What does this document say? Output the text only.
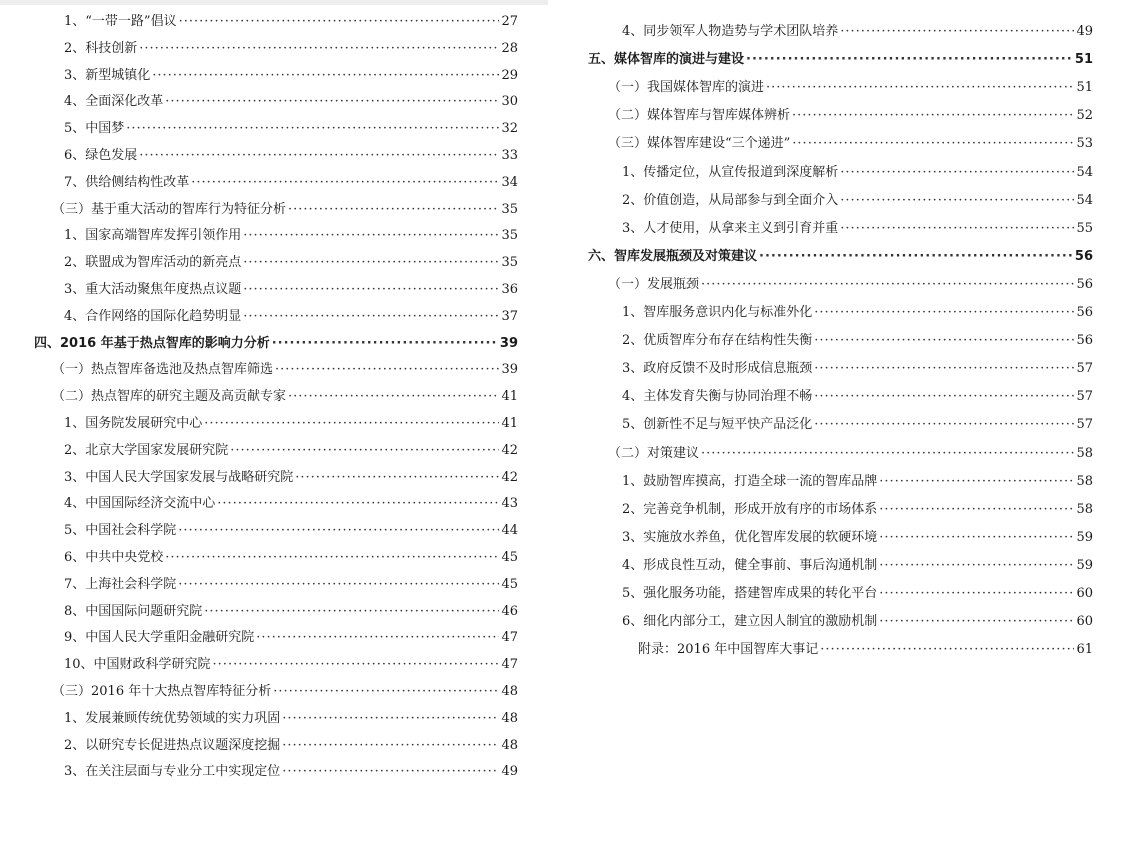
1、“一带一路”倡议 ·····	27
2、科技创新 ·····	28
3、新型城镇化 ·····	29
4、全面深化改革 ·····	30
5、中国梦 ·····	32
6、绿色发展 ·····	33
7、供给侧结构性改革 ·····	34
（三）基于重大活动的智库行为特征分析 ·····	35
1、国家高端智库发挥引领作用 ·····	35
2、联盟成为智库活动的新亮点 ·····	35
3、重大活动聚焦年度热点议题 ·····	36
4、合作网络的国际化趋势明显 ·····	37
四、2016 年基于热点智库的影响力分析 ·····	39
（一）热点智库备选池及热点智库筛选 ·····	39
（二）热点智库的研究主题及高贡献专家 ·····	41
1、国务院发展研究中心 ·····	41
2、北京大学国家发展研究院 ·····	42
3、中国人民大学国家发展与战略研究院 ·····	42
4、中国国际经济交流中心 ·····	43
5、中国社会科学院 ·····	44
6、中共中央党校 ·····	45
7、上海社会科学院 ·····	45
8、中国国际问题研究院 ·····	46
9、中国人民大学重阳金融研究院 ·····	47
10、中国财政科学研究院 ·····	47
（三）2016 年十大热点智库特征分析 ·····	48
1、发展兼顾传统优势领域的实力巩固 ·····	48
2、以研究专长促进热点议题深度挖掘 ·····	48
3、在关注层面与专业分工中实现定位 ·····	49
4、同步领军人物造势与学术团队培养 ·····	49
五、媒体智库的演进与建设 ·····	51
（一）我国媒体智库的演进 ·····	51
（二）媒体智库与智库媒体辨析 ·····	52
（三）媒体智库建设“三个递进” ·····	53
1、传播定位，从宣传报道到深度解析 ·····	54
2、价值创造，从局部参与到全面介入 ·····	54
3、人才使用，从拿来主义到引育并重 ·····	55
六、智库发展瓶颈及对策建议 ·····	56
（一）发展瓶颈 ·····	56
1、智库服务意识内化与标准外化 ·····	56
2、优质智库分布存在结构性失衡 ·····	56
3、政府反馈不及时形成信息瓶颈 ·····	57
4、主体发育失衡与协同治理不畅 ·····	57
5、创新性不足与短平快产品泛化 ·····	57
（二）对策建议 ·····	58
1、鼓励智库摸高，打造全球一流的智库品牌 ·····	58
2、完善竞争机制，形成开放有序的市场体系 ·····	58
3、实施放水养鱼，优化智库发展的软硬环境 ·····	59
4、形成良性互动，健全事前、事后沟通机制 ·····	59
5、强化服务功能，搭建智库成果的转化平台 ·····	60
6、细化内部分工，建立因人制宜的激励机制 ·····	60
附录：2016 年中国智库大事记 ·····	61
